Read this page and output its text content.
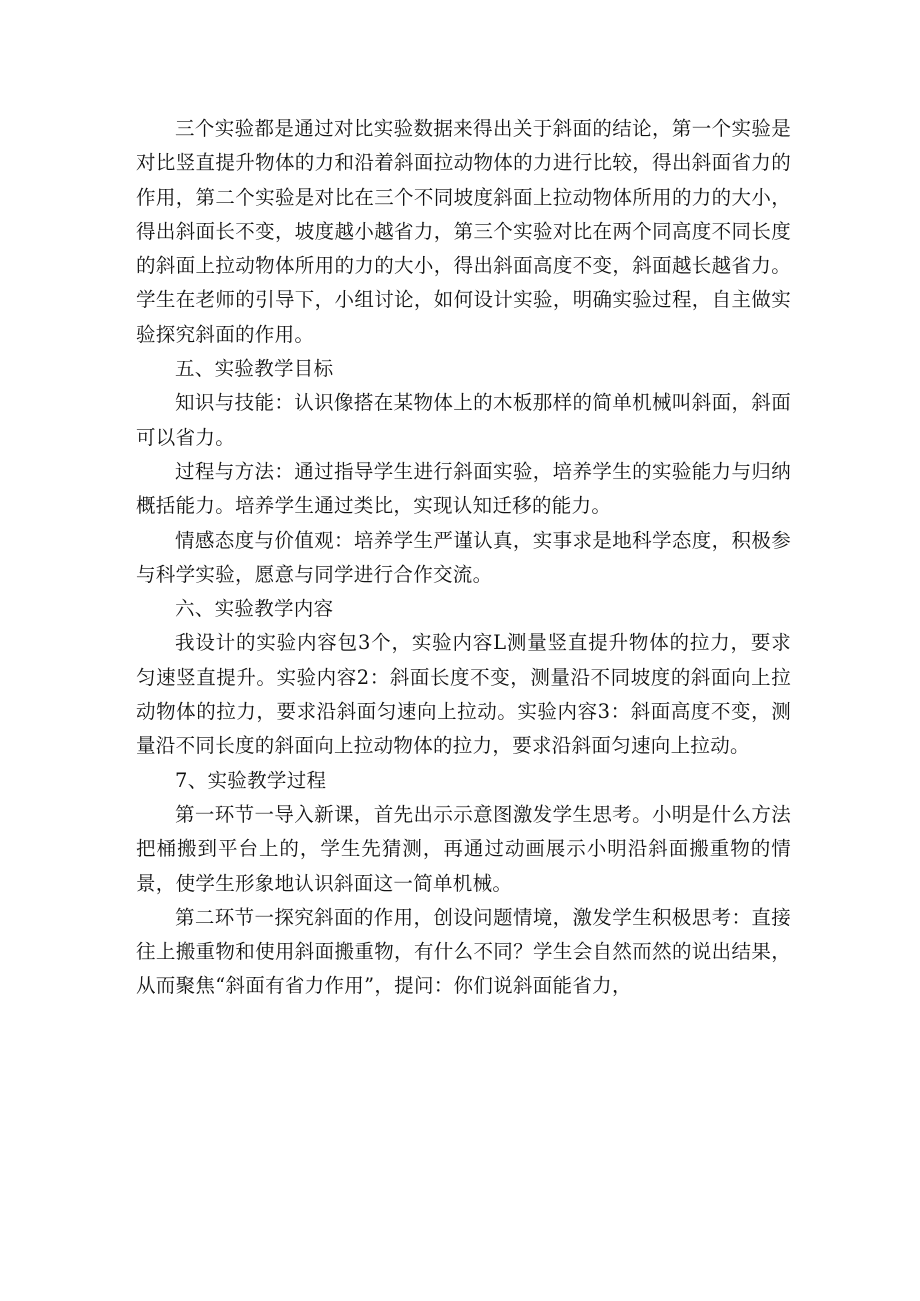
三个实验都是通过对比实验数据来得出关于斜面的结论，第一个实验是对比竖直提升物体的力和沿着斜面拉动物体的力进行比较，得出斜面省力的作用，第二个实验是对比在三个不同坡度斜面上拉动物体所用的力的大小，得出斜面长不变，坡度越小越省力，第三个实验对比在两个同高度不同长度的斜面上拉动物体所用的力的大小，得出斜面高度不变，斜面越长越省力。学生在老师的引导下，小组讨论，如何设计实验，明确实验过程，自主做实验探究斜面的作用。

五、实验教学目标

知识与技能：认识像搭在某物体上的木板那样的简单机械叫斜面，斜面可以省力。

过程与方法：通过指导学生进行斜面实验，培养学生的实验能力与归纳概括能力。培养学生通过类比，实现认知迁移的能力。

情感态度与价值观：培养学生严谨认真，实事求是地科学态度，积极参与科学实验，愿意与同学进行合作交流。

六、实验教学内容

我设计的实验内容包3个，实验内容L测量竖直提升物体的拉力，要求匀速竖直提升。实验内容2：斜面长度不变，测量沿不同坡度的斜面向上拉动物体的拉力，要求沿斜面匀速向上拉动。实验内容3：斜面高度不变，测量沿不同长度的斜面向上拉动物体的拉力，要求沿斜面匀速向上拉动。

7、实验教学过程

第一环节一导入新课，首先出示示意图激发学生思考。小明是什么方法把桶搬到平台上的，学生先猜测，再通过动画展示小明沿斜面搬重物的情景，使学生形象地认识斜面这一简单机械。

第二环节一探究斜面的作用，创设问题情境，激发学生积极思考：直接往上搬重物和使用斜面搬重物，有什么不同？学生会自然而然的说出结果，从而聚焦“斜面有省力作用”，提问：你们说斜面能省力，
